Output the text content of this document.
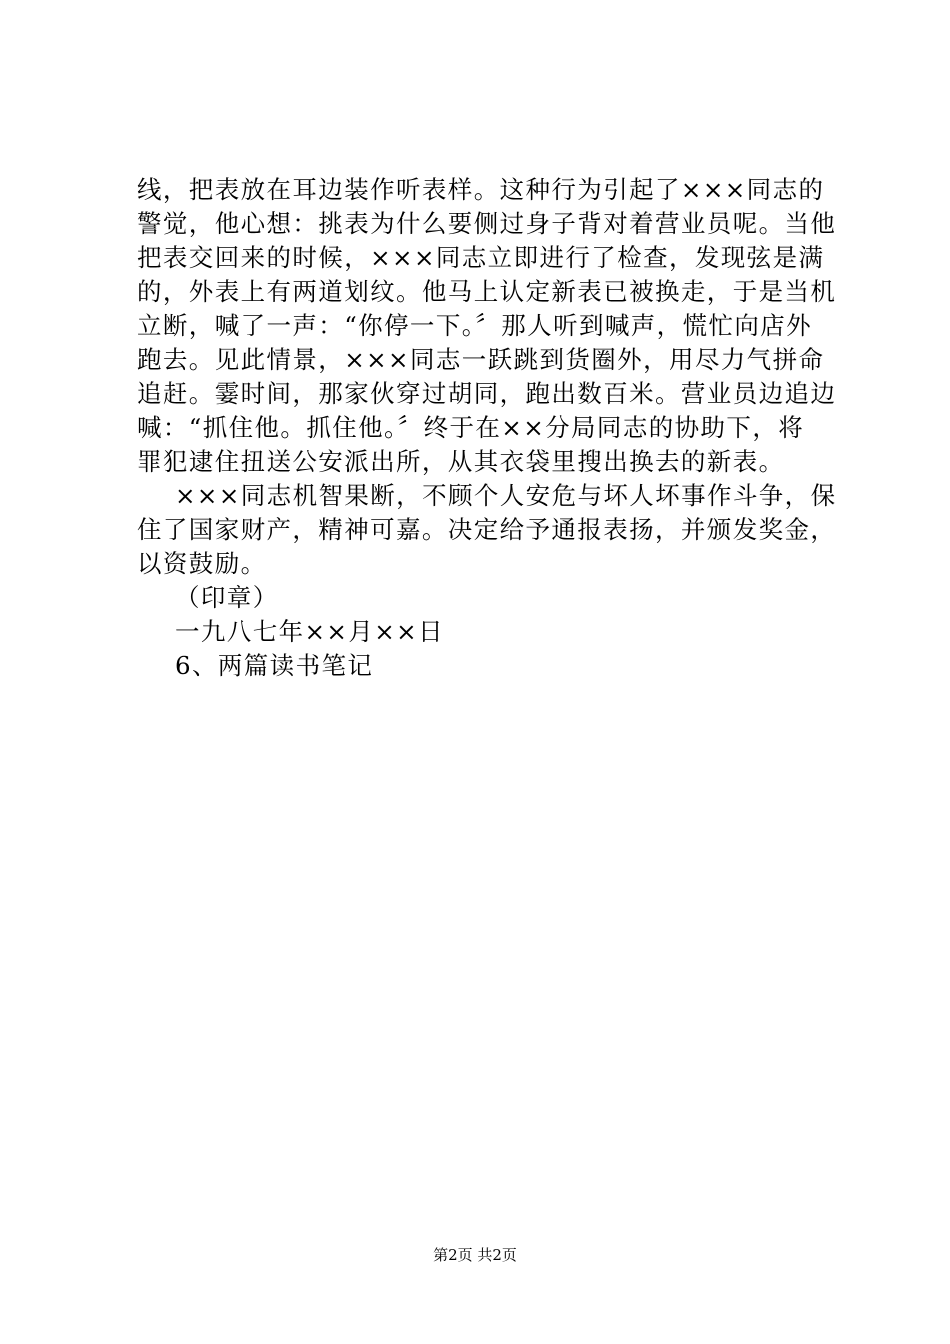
线，把表放在耳边装作听表样。这种行为引起了×××同志的
警觉，他心想：挑表为什么要侧过身子背对着营业员呢。当他
把表交回来的时候，×××同志立即进行了检查，发现弦是满
的，外表上有两道划纹。他马上认定新表已被换走，于是当机
立断，喊了一声：“你停一下。〞那人听到喊声，慌忙向店外
跑去。见此情景，×××同志一跃跳到货圈外，用尽力气拼命
追赶。霎时间，那家伙穿过胡同，跑出数百米。营业员边追边
喊：“抓住他。抓住他。〞终于在××分局同志的协助下，将
罪犯逮住扭送公安派出所，从其衣袋里搜出换去的新表。
×××同志机智果断，不顾个人安危与坏人坏事作斗争，保
住了国家财产，精神可嘉。决定给予通报表扬，并颁发奖金，
以资鼓励。
（印章）
一九八七年××月××日
6、两篇读书笔记
第2页 共2页
